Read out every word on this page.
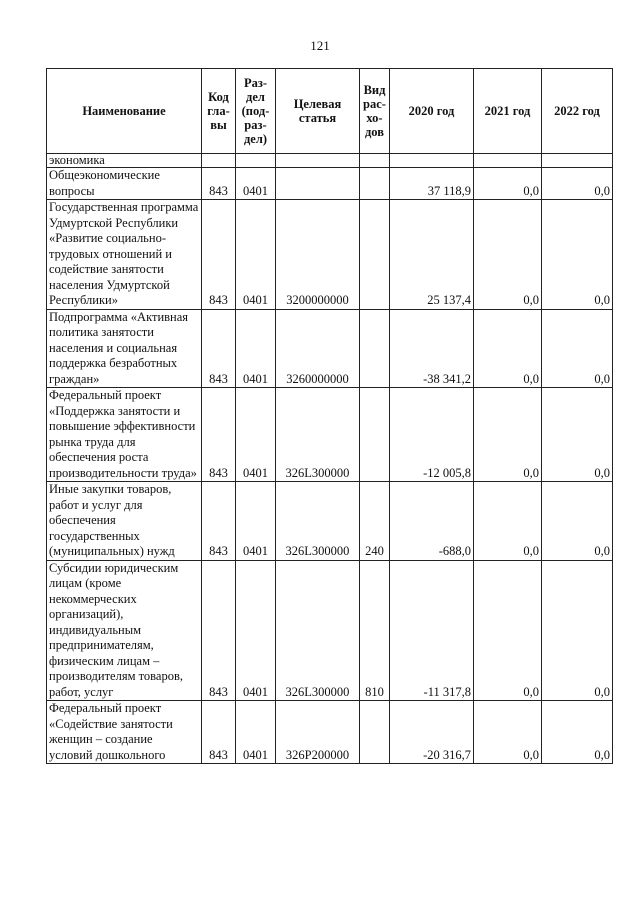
121
Наименование	Код гла- вы	Раз- дел (под- раз- дел)	Целевая статья	Вид рас- хо- дов	2020 год	2021 год	2022 год
экономика							
Общеэкономические вопросы	843	0401			37 118,9	0,0	0,0
Государственная программа Удмуртской Республики «Развитие социально-трудовых отношений и содействие занятости населения Удмуртской Республики»	843	0401	3200000000		25 137,4	0,0	0,0
Подпрограмма «Активная политика занятости населения и социальная поддержка безработных граждан»	843	0401	3260000000		-38 341,2	0,0	0,0
Федеральный проект «Поддержка занятости и повышение эффективности рынка труда для обеспечения роста производительности труда»	843	0401	326L300000		-12 005,8	0,0	0,0
Иные закупки товаров, работ и услуг для обеспечения государственных (муниципальных) нужд	843	0401	326L300000	240	-688,0	0,0	0,0
Субсидии юридическим лицам (кроме некоммерческих организаций), индивидуальным предпринимателям, физическим лицам – производителям товаров, работ, услуг	843	0401	326L300000	810	-11 317,8	0,0	0,0
Федеральный проект «Содействие занятости женщин – создание условий дошкольного	843	0401	326P200000		-20 316,7	0,0	0,0
